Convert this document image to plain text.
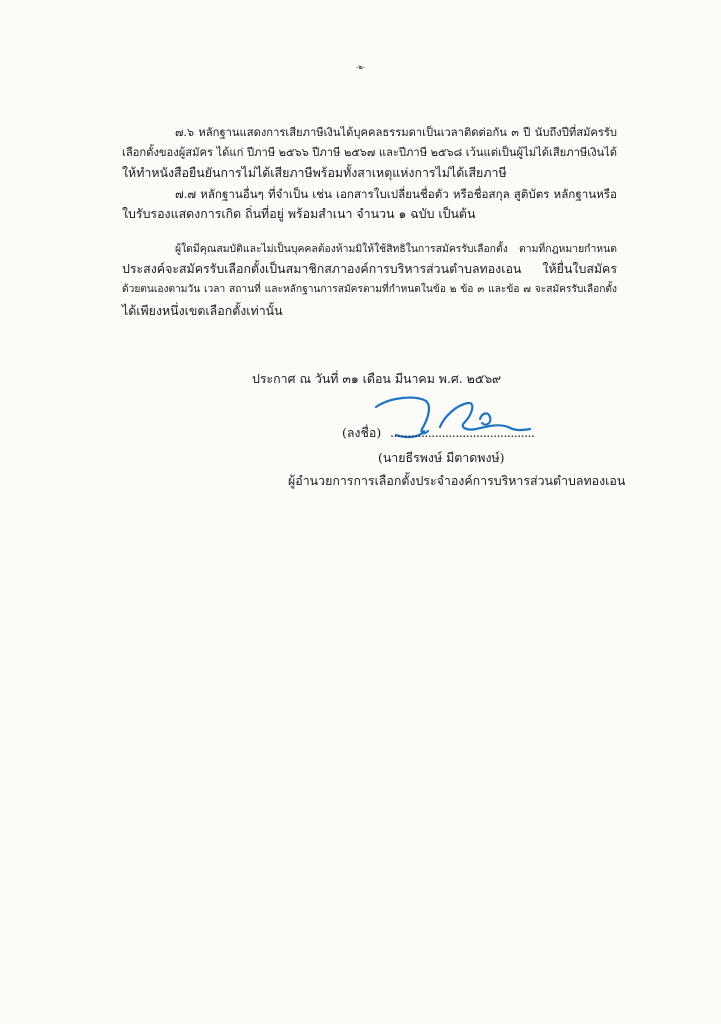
-๒-
๗.๖ หลักฐานแสดงการเสียภาษีเงินได้บุคคลธรรมดาเป็นเวลาติดต่อกัน ๓ ปี นับถึงปีที่สมัครรับ
เลือกตั้งของผู้สมัคร ได้แก่ ปีภาษี ๒๕๖๖ ปีภาษี ๒๕๖๗ และปีภาษี ๒๕๖๘ เว้นแต่เป็นผู้ไม่ได้เสียภาษีเงินได้
ให้ทำหนังสือยืนยันการไม่ได้เสียภาษีพร้อมทั้งสาเหตุแห่งการไม่ได้เสียภาษี
๗.๗ หลักฐานอื่นๆ ที่จำเป็น เช่น เอกสารใบเปลี่ยนชื่อตัว หรือชื่อสกุล สูติบัตร หลักฐานหรือ
ใบรับรองแสดงการเกิด ถิ่นที่อยู่ พร้อมสำเนา จำนวน ๑ ฉบับ เป็นต้น
ผู้ใดมีคุณสมบัติและไม่เป็นบุคคลต้องห้ามมิให้ใช้สิทธิในการสมัครรับเลือกตั้ง ตามที่กฎหมายกำหนด
ประสงค์จะสมัครรับเลือกตั้งเป็นสมาชิกสภาองค์การบริหารส่วนตำบลทองเอน ให้ยื่นใบสมัคร
ด้วยตนเองตามวัน เวลา สถานที่ และหลักฐานการสมัครตามที่กำหนดในข้อ ๒ ข้อ ๓ และข้อ ๗ จะสมัครรับเลือกตั้ง
ได้เพียงหนึ่งเขตเลือกตั้งเท่านั้น
ประกาศ ณ วันที่ ๓๑ เดือน มีนาคม พ.ศ. ๒๕๖๙
(ลงชื่อ) ..........................................
(นายธีรพงษ์ มีตาดพงษ์)
ผู้อำนวยการการเลือกตั้งประจำองค์การบริหารส่วนตำบลทองเอน
